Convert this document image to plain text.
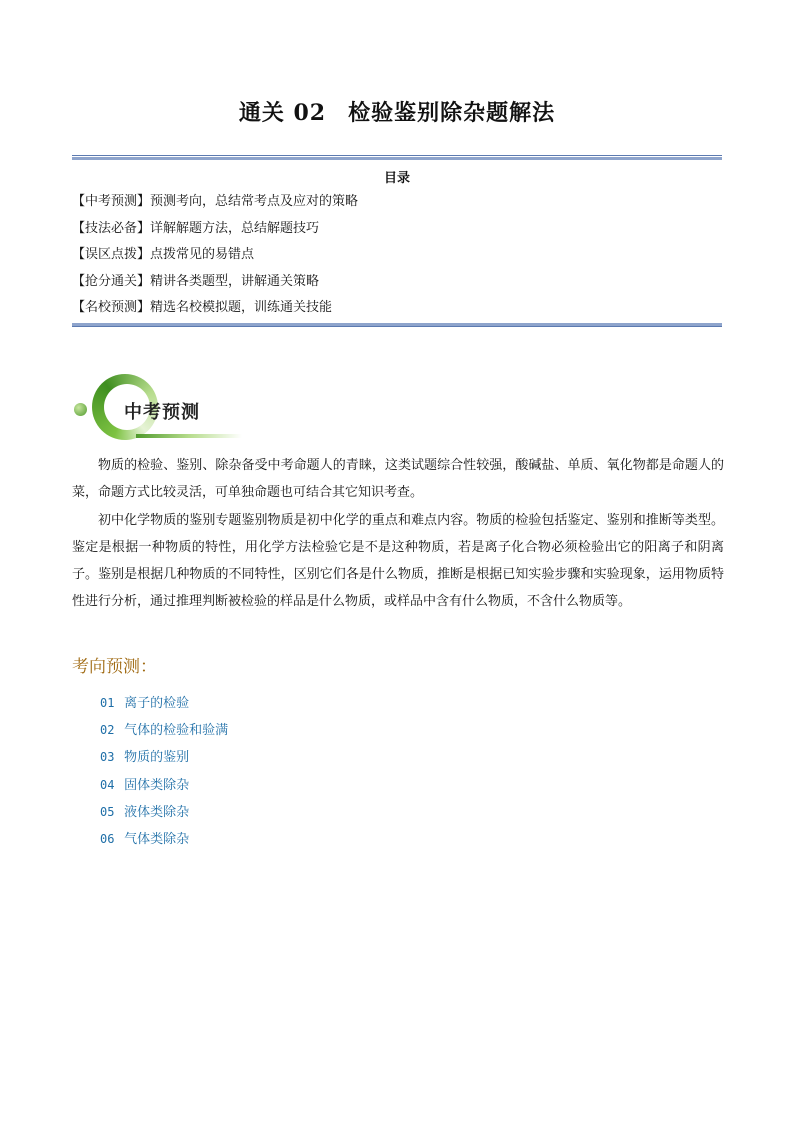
通关 02 检验鉴别除杂题解法
目录
【中考预测】预测考向，总结常考点及应对的策略
【技法必备】详解解题方法，总结解题技巧
【误区点拨】点拨常见的易错点
【抢分通关】精讲各类题型，讲解通关策略
【名校预测】精选名校模拟题，训练通关技能
中考预测
物质的检验、鉴别、除杂备受中考命题人的青睐，这类试题综合性较强，酸碱盐、单质、氧化物都是命题人的菜，命题方式比较灵活，可单独命题也可结合其它知识考查。
初中化学物质的鉴别专题鉴别物质是初中化学的重点和难点内容。物质的检验包括鉴定、鉴别和推断等类型。鉴定是根据一种物质的特性，用化学方法检验它是不是这种物质，若是离子化合物必须检验出它的阳离子和阴离子。鉴别是根据几种物质的不同特性，区别它们各是什么物质，推断是根据已知实验步骤和实验现象，运用物质特性进行分析，通过推理判断被检验的样品是什么物质，或样品中含有什么物质，不含什么物质等。
考向预测：
01 离子的检验
02 气体的检验和验满
03 物质的鉴别
04 固体类除杂
05 液体类除杂
06 气体类除杂
